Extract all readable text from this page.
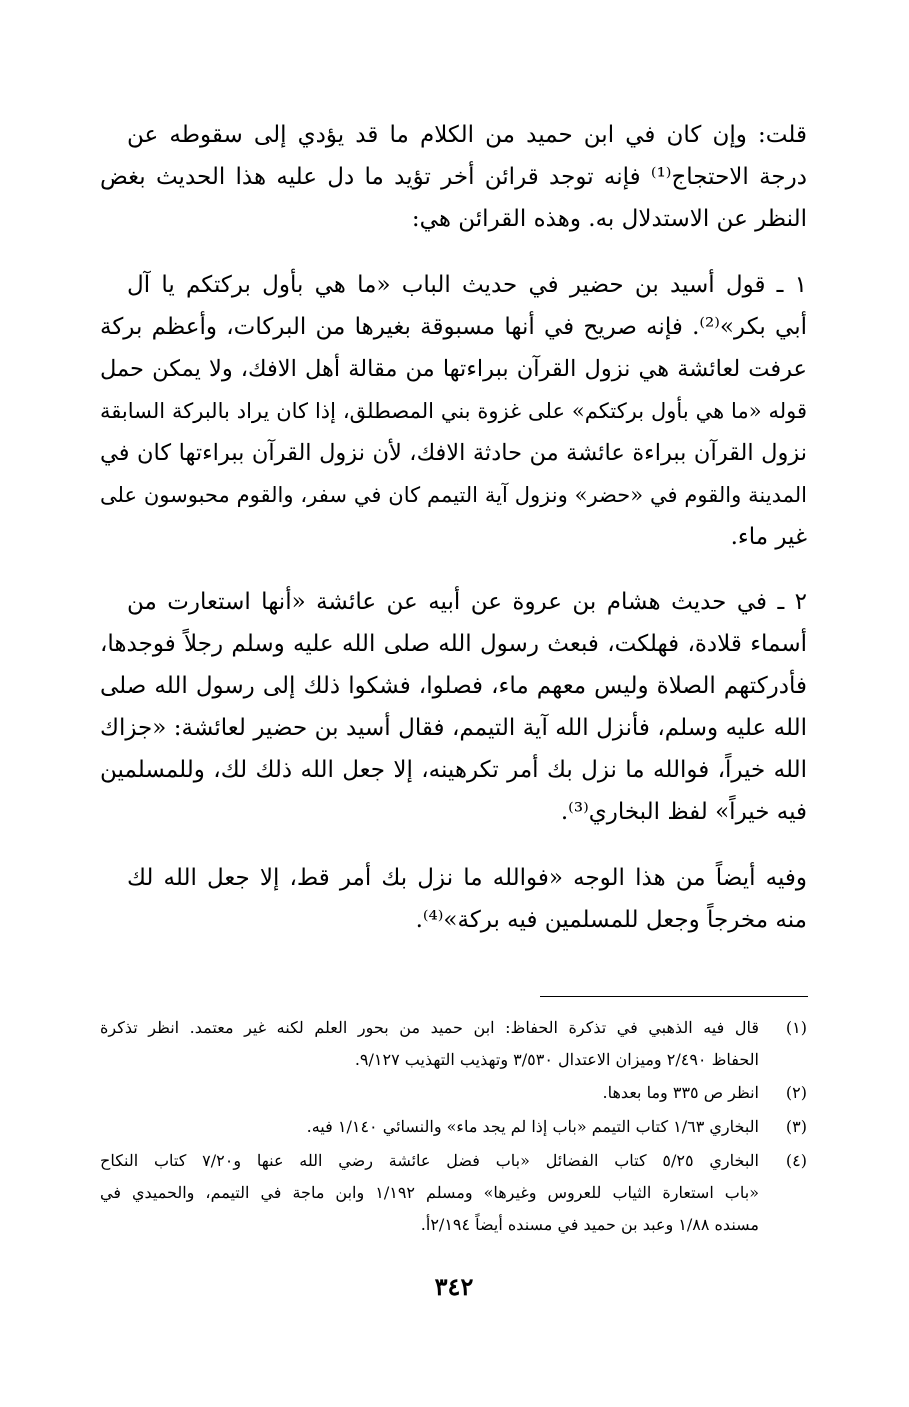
قلت: وإن كان في ابن حميد من الكلام ما قد يؤدي إلى سقوطه عن
درجة الاحتجاج⁽¹⁾ فإنه توجد قرائن أخر تؤيد ما دل عليه هذا الحديث بغض
النظر عن الاستدلال به. وهذه القرائن هي:
١ ـ قول أسيد بن حضير في حديث الباب «ما هي بأول بركتكم يا آل
أبي بكر»⁽²⁾. فإنه صريح في أنها مسبوقة بغيرها من البركات، وأعظم بركة
عرفت لعائشة هي نزول القرآن ببراءتها من مقالة أهل الافك، ولا يمكن حمل
قوله «ما هي بأول بركتكم» على غزوة بني المصطلق، إذا كان يراد بالبركة السابقة
نزول القرآن ببراءة عائشة من حادثة الافك، لأن نزول القرآن ببراءتها كان في
المدينة والقوم في «حضر» ونزول آية التيمم كان في سفر، والقوم محبوسون على
غير ماء.
٢ ـ في حديث هشام بن عروة عن أبيه عن عائشة «أنها استعارت من
أسماء قلادة، فهلكت، فبعث رسول الله صلى الله عليه وسلم رجلاً فوجدها،
فأدركتهم الصلاة وليس معهم ماء، فصلوا، فشكوا ذلك إلى رسول الله صلى
الله عليه وسلم، فأنزل الله آية التيمم، فقال أسيد بن حضير لعائشة: «جزاك
الله خيراً، فوالله ما نزل بك أمر تكرهينه، إلا جعل الله ذلك لك، وللمسلمين
فيه خيراً» لفظ البخاري⁽³⁾.
وفيه أيضاً من هذا الوجه «فوالله ما نزل بك أمر قط، إلا جعل الله لك
منه مخرجاً وجعل للمسلمين فيه بركة»⁽⁴⁾.
(١)
قال فيه الذهبي في تذكرة الحفاظ: ابن حميد من بحور العلم لكنه غير معتمد. انظر تذكرة
الحفاظ ٢/٤٩٠ وميزان الاعتدال ٣/٥٣٠ وتهذيب التهذيب ٩/١٢٧.
(٢)
انظر ص ٣٣٥ وما بعدها.
(٣)
البخاري ١/٦٣ كتاب التيمم «باب إذا لم يجد ماء» والنسائي ١/١٤٠ فيه.
(٤)
البخاري ٥/٢٥ كتاب الفضائل «باب فضل عائشة رضي الله عنها و٧/٢٠ كتاب النكاح
«باب استعارة الثياب للعروس وغيرها» ومسلم ١/١٩٢ وابن ماجة في التيمم، والحميدي في
مسنده ١/٨٨ وعبد بن حميد في مسنده أيضاً ٢/١٩٤أ.
٣٤٢
